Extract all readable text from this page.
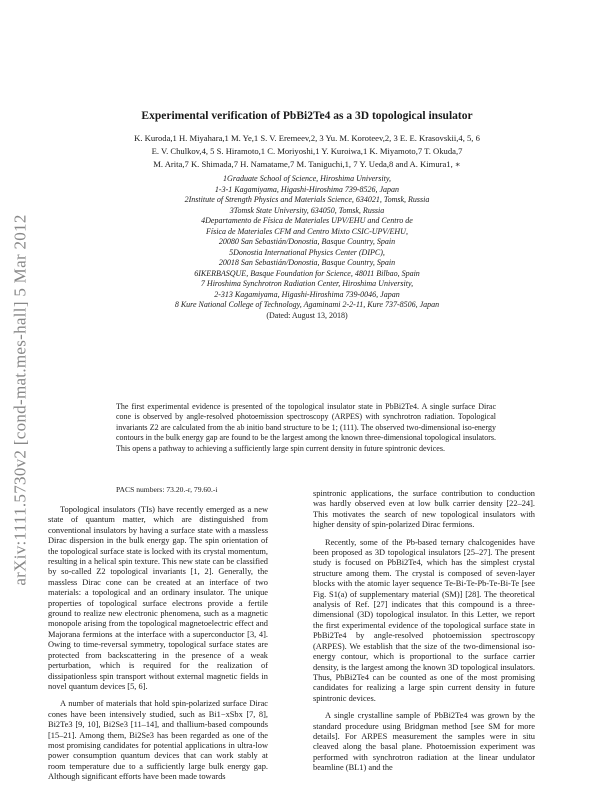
arXiv:1111.5730v2 [cond-mat.mes-hall] 5 Mar 2012
Experimental verification of PbBi2Te4 as a 3D topological insulator
K. Kuroda,1 H. Miyahara,1 M. Ye,1 S. V. Eremeev,2, 3 Yu. M. Koroteev,2, 3 E. E. Krasovskii,4, 5, 6
E. V. Chulkov,4, 5 S. Hiramoto,1 C. Moriyoshi,1 Y. Kuroiwa,1 K. Miyamoto,7 T. Okuda,7
M. Arita,7 K. Shimada,7 H. Namatame,7 M. Taniguchi,1, 7 Y. Ueda,8 and A. Kimura1, ∗
1Graduate School of Science, Hiroshima University,
1-3-1 Kagamiyama, Higashi-Hiroshima 739-8526, Japan
2Institute of Strength Physics and Materials Science, 634021, Tomsk, Russia
3Tomsk State University, 634050, Tomsk, Russia
4Departamento de Física de Materiales UPV/EHU and Centro de
Física de Materiales CFM and Centro Mixto CSIC-UPV/EHU,
20080 San Sebastián/Donostia, Basque Country, Spain
5Donostia International Physics Center (DIPC),
20018 San Sebastián/Donostia, Basque Country, Spain
6IKERBASQUE, Basque Foundation for Science, 48011 Bilbao, Spain
7 Hiroshima Synchrotron Radiation Center, Hiroshima University,
2-313 Kagamiyama, Higashi-Hiroshima 739-0046, Japan
8 Kure National College of Technology, Agaminami 2-2-11, Kure 737-8506, Japan
(Dated: August 13, 2018)
The first experimental evidence is presented of the topological insulator state in PbBi2Te4. A single surface Dirac cone is observed by angle-resolved photoemission spectroscopy (ARPES) with synchrotron radiation. Topological invariants Z2 are calculated from the ab initio band structure to be 1; (111). The observed two-dimensional iso-energy contours in the bulk energy gap are found to be the largest among the known three-dimensional topological insulators. This opens a pathway to achieving a sufficiently large spin current density in future spintronic devices.
PACS numbers: 73.20.-r, 79.60.-i

Topological insulators (TIs) have recently emerged as a new state of quantum matter, which are distinguished from conventional insulators by having a surface state with a massless Dirac dispersion in the bulk energy gap. The spin orientation of the topological surface state is locked with its crystal momentum, resulting in a helical spin texture. This new state can be classified by so-called Z2 topological invariants [1, 2]. Generally, the massless Dirac cone can be created at an interface of two materials: a topological and an ordinary insulator. The unique properties of topological surface electrons provide a fertile ground to realize new electronic phenomena, such as a magnetic monopole arising from the topological magnetoelectric effect and Majorana fermions at the interface with a superconductor [3, 4]. Owing to time-reversal symmetry, topological surface states are protected from backscattering in the presence of a weak perturbation, which is required for the realization of dissipationless spin transport without external magnetic fields in novel quantum devices [5, 6].

A number of materials that hold spin-polarized surface Dirac cones have been intensively studied, such as Bi1−xSbx [7, 8], Bi2Te3 [9, 10], Bi2Se3 [11–14], and thallium-based compounds [15–21]. Among them, Bi2Se3 has been regarded as one of the most promising candidates for potential applications in ultra-low power consumption quantum devices that can work stably at room temperature due to a sufficiently large bulk energy gap. Although significant efforts have been made towards

spintronic applications, the surface contribution to conduction was hardly observed even at low bulk carrier density [22–24]. This motivates the search of new topological insulators with higher density of spin-polarized Dirac fermions.

Recently, some of the Pb-based ternary chalcogenides have been proposed as 3D topological insulators [25–27]. The present study is focused on PbBi2Te4, which has the simplest crystal structure among them. The crystal is composed of seven-layer blocks with the atomic layer sequence Te-Bi-Te-Pb-Te-Bi-Te [see Fig. S1(a) of supplementary material (SM)] [28]. The theoretical analysis of Ref. [27] indicates that this compound is a three-dimensional (3D) topological insulator. In this Letter, we report the first experimental evidence of the topological surface state in PbBi2Te4 by angle-resolved photoemission spectroscopy (ARPES). We establish that the size of the two-dimensional iso-energy contour, which is proportional to the surface carrier density, is the largest among the known 3D topological insulators. Thus, PbBi2Te4 can be counted as one of the most promising candidates for realizing a large spin current density in future spintronic devices.

A single crystalline sample of PbBi2Te4 was grown by the standard procedure using Bridgman method [see SM for more details]. For ARPES measurement the samples were in situ cleaved along the basal plane. Photoemission experiment was performed with synchrotron radiation at the linear undulator beamline (BL1) and the
